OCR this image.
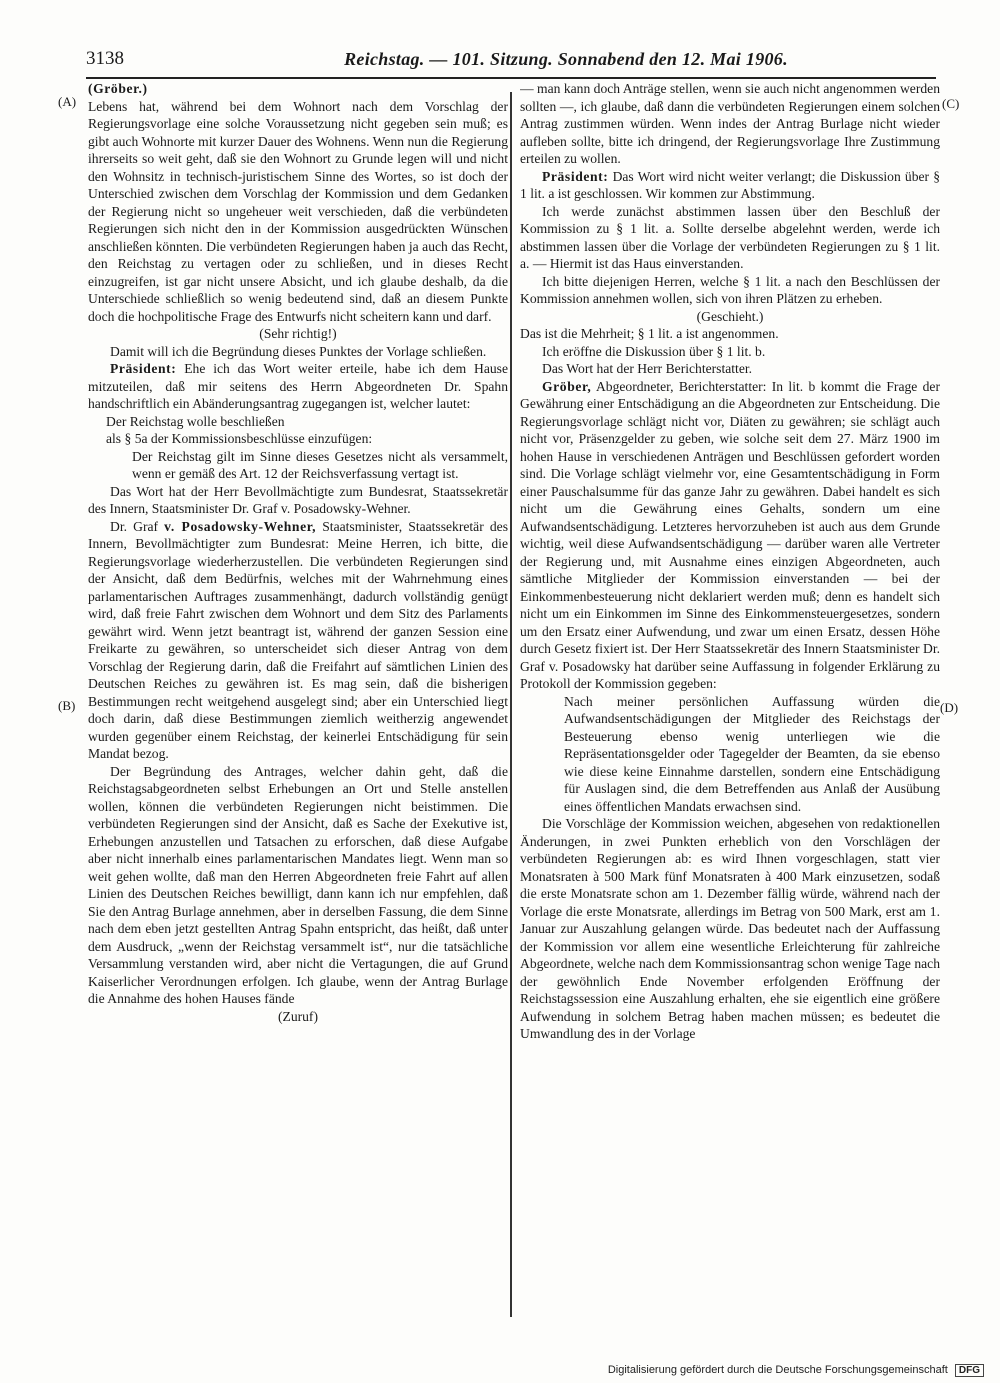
3138	Reichstag. — 101. Sitzung. Sonnabend den 12. Mai 1906.
(A)
(B)
(C)
(D)

(Gröber.)

Lebens hat, während bei dem Wohnort nach dem Vorschlag der Regierungsvorlage eine solche Voraussetzung nicht gegeben sein muß; es gibt auch Wohnorte mit kurzer Dauer des Wohnens. Wenn nun die Regierung ihrerseits so weit geht, daß sie den Wohnort zu Grunde legen will und nicht den Wohnsitz in technisch-juristischem Sinne des Wortes, so ist doch der Unterschied zwischen dem Vorschlag der Kommission und dem Gedanken der Regierung nicht so ungeheuer weit verschieden, daß die verbündeten Regierungen sich nicht den in der Kommission ausgedrückten Wünschen anschließen könnten. Die verbündeten Regierungen haben ja auch das Recht, den Reichstag zu vertagen oder zu schließen, und in dieses Recht einzugreifen, ist gar nicht unsere Absicht, und ich glaube deshalb, da die Unterschiede schließlich so wenig bedeutend sind, daß an diesem Punkte doch die hochpolitische Frage des Entwurfs nicht scheitern kann und darf.

(Sehr richtig!)

Damit will ich die Begründung dieses Punktes der Vorlage schließen.

Präsident: Ehe ich das Wort weiter erteile, habe ich dem Hause mitzuteilen, daß mir seitens des Herrn Abgeordneten Dr. Spahn handschriftlich ein Abänderungsantrag zugegangen ist, welcher lautet:

Der Reichstag wolle beschließen

als § 5a der Kommissionsbeschlüsse einzufügen:

Der Reichstag gilt im Sinne dieses Gesetzes nicht als versammelt, wenn er gemäß des Art. 12 der Reichsverfassung vertagt ist.

Das Wort hat der Herr Bevollmächtigte zum Bundesrat, Staatssekretär des Innern, Staatsminister Dr. Graf v. Posadowsky-Wehner.

Dr. Graf v. Posadowsky-Wehner, Staatsminister, Staatssekretär des Innern, Bevollmächtigter zum Bundesrat: Meine Herren, ich bitte, die Regierungsvorlage wiederherzustellen. Die verbündeten Regierungen sind der Ansicht, daß dem Bedürfnis, welches mit der Wahrnehmung eines parlamentarischen Auftrages zusammenhängt, dadurch vollständig genügt wird, daß freie Fahrt zwischen dem Wohnort und dem Sitz des Parlaments gewährt wird. Wenn jetzt beantragt ist, während der ganzen Session eine Freikarte zu gewähren, so unterscheidet sich dieser Antrag von dem Vorschlag der Regierung darin, daß die Freifahrt auf sämtlichen Linien des Deutschen Reiches zu gewähren ist. Es mag sein, daß die bisherigen Bestimmungen recht weitgehend ausgelegt sind; aber ein Unterschied liegt doch darin, daß diese Bestimmungen ziemlich weitherzig angewendet wurden gegenüber einem Reichstag, der keinerlei Entschädigung für sein Mandat bezog.

Der Begründung des Antrages, welcher dahin geht, daß die Reichstagsabgeordneten selbst Erhebungen an Ort und Stelle anstellen wollen, können die verbündeten Regierungen nicht beistimmen. Die verbündeten Regierungen sind der Ansicht, daß es Sache der Exekutive ist, Erhebungen anzustellen und Tatsachen zu erforschen, daß diese Aufgabe aber nicht innerhalb eines parlamentarischen Mandates liegt. Wenn man so weit gehen wollte, daß man den Herren Abgeordneten freie Fahrt auf allen Linien des Deutschen Reiches bewilligt, dann kann ich nur empfehlen, daß Sie den Antrag Burlage annehmen, aber in derselben Fassung, die dem Sinne nach dem eben jetzt gestellten Antrag Spahn entspricht, das heißt, daß unter dem Ausdruck, „wenn der Reichstag versammelt ist“, nur die tatsächliche Versammlung verstanden wird, aber nicht die Vertagungen, die auf Grund Kaiserlicher Verordnungen erfolgen. Ich glaube, wenn der Antrag Burlage die Annahme des hohen Hauses fände

(Zuruf)

— man kann doch Anträge stellen, wenn sie auch nicht angenommen werden sollten —, ich glaube, daß dann die verbündeten Regierungen einem solchen Antrag zustimmen würden. Wenn indes der Antrag Burlage nicht wieder aufleben sollte, bitte ich dringend, der Regierungsvorlage Ihre Zustimmung erteilen zu wollen.

Präsident: Das Wort wird nicht weiter verlangt; die Diskussion über § 1 lit. a ist geschlossen. Wir kommen zur Abstimmung.

Ich werde zunächst abstimmen lassen über den Beschluß der Kommission zu § 1 lit. a. Sollte derselbe abgelehnt werden, werde ich abstimmen lassen über die Vorlage der verbündeten Regierungen zu § 1 lit. a. — Hiermit ist das Haus einverstanden.

Ich bitte diejenigen Herren, welche § 1 lit. a nach den Beschlüssen der Kommission annehmen wollen, sich von ihren Plätzen zu erheben.

(Geschieht.)

Das ist die Mehrheit; § 1 lit. a ist angenommen.

Ich eröffne die Diskussion über § 1 lit. b.

Das Wort hat der Herr Berichterstatter.

Gröber, Abgeordneter, Berichterstatter: In lit. b kommt die Frage der Gewährung einer Entschädigung an die Abgeordneten zur Entscheidung. Die Regierungsvorlage schlägt nicht vor, Diäten zu gewähren; sie schlägt auch nicht vor, Präsenzgelder zu geben, wie solche seit dem 27. März 1900 im hohen Hause in verschiedenen Anträgen und Beschlüssen gefordert worden sind. Die Vorlage schlägt vielmehr vor, eine Gesamtentschädigung in Form einer Pauschalsumme für das ganze Jahr zu gewähren. Dabei handelt es sich nicht um die Gewährung eines Gehalts, sondern um eine Aufwandsentschädigung. Letzteres hervorzuheben ist auch aus dem Grunde wichtig, weil diese Aufwandsentschädigung — darüber waren alle Vertreter der Regierung und, mit Ausnahme eines einzigen Abgeordneten, auch sämtliche Mitglieder der Kommission einverstanden — bei der Einkommenbesteuerung nicht deklariert werden muß; denn es handelt sich nicht um ein Einkommen im Sinne des Einkommensteuergesetzes, sondern um den Ersatz einer Aufwendung, und zwar um einen Ersatz, dessen Höhe durch Gesetz fixiert ist. Der Herr Staatssekretär des Innern Staatsminister Dr. Graf v. Posadowsky hat darüber seine Auffassung in folgender Erklärung zu Protokoll der Kommission gegeben:

Nach meiner persönlichen Auffassung würden die Aufwandsentschädigungen der Mitglieder des Reichstags der Besteuerung ebenso wenig unterliegen wie die Repräsentationsgelder oder Tagegelder der Beamten, da sie ebenso wie diese keine Einnahme darstellen, sondern eine Entschädigung für Auslagen sind, die dem Betreffenden aus Anlaß der Ausübung eines öffentlichen Mandats erwachsen sind.

Die Vorschläge der Kommission weichen, abgesehen von redaktionellen Änderungen, in zwei Punkten erheblich von den Vorschlägen der verbündeten Regierungen ab: es wird Ihnen vorgeschlagen, statt vier Monatsraten à 500 Mark fünf Monatsraten à 400 Mark einzusetzen, sodaß die erste Monatsrate schon am 1. Dezember fällig würde, während nach der Vorlage die erste Monatsrate, allerdings im Betrag von 500 Mark, erst am 1. Januar zur Auszahlung gelangen würde. Das bedeutet nach der Auffassung der Kommission vor allem eine wesentliche Erleichterung für zahlreiche Abgeordnete, welche nach dem Kommissionsantrag schon wenige Tage nach der gewöhnlich Ende November erfolgenden Eröffnung der Reichstagssession eine Auszahlung erhalten, ehe sie eigentlich eine größere Aufwendung in solchem Betrag haben machen müssen; es bedeutet die Umwandlung des in der Vorlage

Digitalisierung gefördert durch die Deutsche Forschungsgemeinschaft DFG
